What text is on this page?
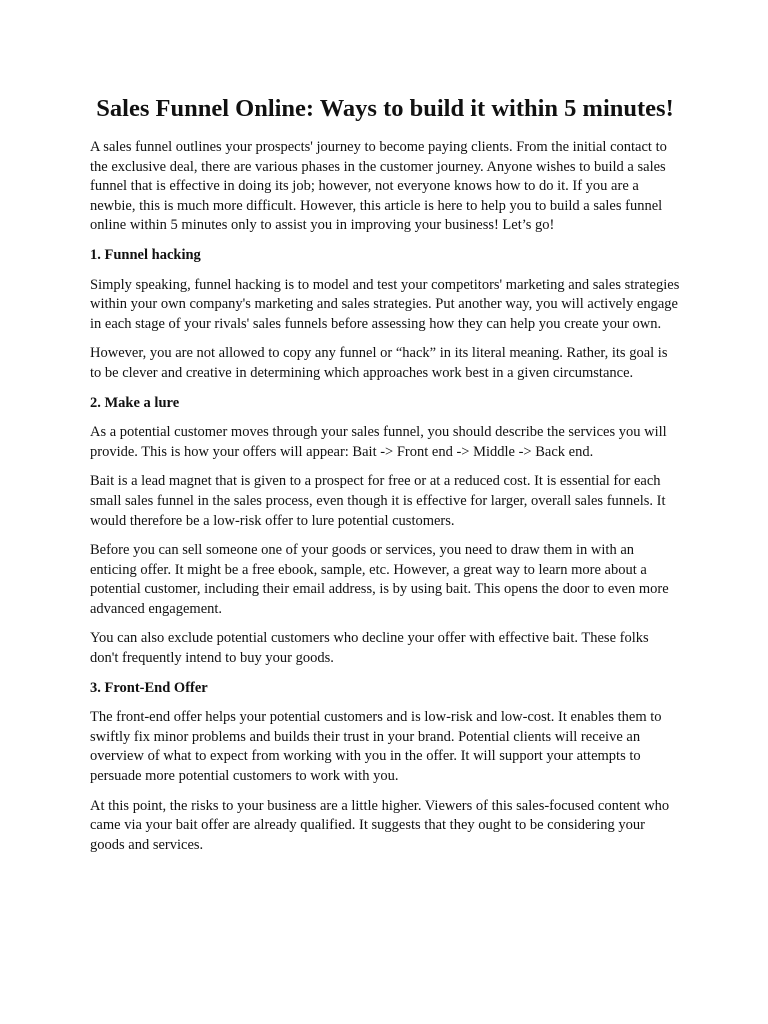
Sales Funnel Online: Ways to build it within 5 minutes!

A sales funnel outlines your prospects' journey to become paying clients. From the initial contact to the exclusive deal, there are various phases in the customer journey. Anyone wishes to build a sales funnel that is effective in doing its job; however, not everyone knows how to do it. If you are a newbie, this is much more difficult. However, this article is here to help you to build a sales funnel online within 5 minutes only to assist you in improving your business! Let’s go!

1. Funnel hacking

Simply speaking, funnel hacking is to model and test your competitors' marketing and sales strategies within your own company's marketing and sales strategies. Put another way, you will actively engage in each stage of your rivals' sales funnels before assessing how they can help you create your own.

However, you are not allowed to copy any funnel or “hack” in its literal meaning. Rather, its goal is to be clever and creative in determining which approaches work best in a given circumstance.

2. Make a lure

As a potential customer moves through your sales funnel, you should describe the services you will provide. This is how your offers will appear: Bait -> Front end -> Middle -> Back end.

Bait is a lead magnet that is given to a prospect for free or at a reduced cost. It is essential for each small sales funnel in the sales process, even though it is effective for larger, overall sales funnels. It would therefore be a low-risk offer to lure potential customers.

Before you can sell someone one of your goods or services, you need to draw them in with an enticing offer. It might be a free ebook, sample, etc. However, a great way to learn more about a potential customer, including their email address, is by using bait. This opens the door to even more advanced engagement.

You can also exclude potential customers who decline your offer with effective bait. These folks don't frequently intend to buy your goods.

3. Front-End Offer

The front-end offer helps your potential customers and is low-risk and low-cost. It enables them to swiftly fix minor problems and builds their trust in your brand. Potential clients will receive an overview of what to expect from working with you in the offer. It will support your attempts to persuade more potential customers to work with you.

At this point, the risks to your business are a little higher. Viewers of this sales-focused content who came via your bait offer are already qualified. It suggests that they ought to be considering your goods and services.
